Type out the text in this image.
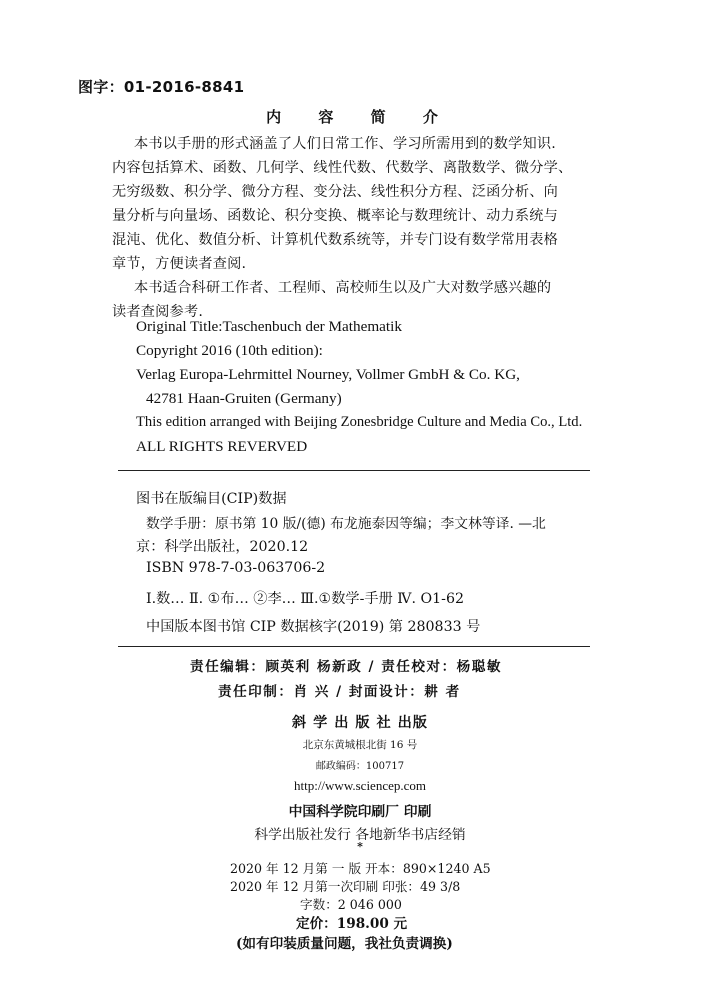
图字：01-2016-8841
内 容 简 介
本书以手册的形式涵盖了人们日常工作、学习所需用到的数学知识.
内容包括算术、函数、几何学、线性代数、代数学、离散数学、微分学、
无穷级数、积分学、微分方程、变分法、线性积分方程、泛函分析、向
量分析与向量场、函数论、积分变换、概率论与数理统计、动力系统与
混沌、优化、数值分析、计算机代数系统等，并专门设有数学常用表格
章节，方便读者查阅.
本书适合科研工作者、工程师、高校师生以及广大对数学感兴趣的
读者查阅参考.
Original Title:Taschenbuch der Mathematik
Copyright 2016 (10th edition):
Verlag Europa-Lehrmittel Nourney, Vollmer GmbH & Co. KG,
42781 Haan-Gruiten (Germany)
This edition arranged with Beijing Zonesbridge Culture and Media Co., Ltd.
ALL RIGHTS REVERVED
图书在版编目(CIP)数据
数学手册：原书第 10 版/(德) 布龙施泰因等编；李文林等译. —北
京：科学出版社，2020.12
ISBN 978-7-03-063706-2
Ⅰ.数… Ⅱ. ①布… ②李… Ⅲ.①数学-手册 Ⅳ. O1-62
中国版本图书馆 CIP 数据核字(2019) 第 280833 号
责任编辑：顾英利 杨新政 / 责任校对：杨聪敏
责任印制：肖 兴 / 封面设计：耕 者
斜 学 出 版 社 出版
北京东黄城根北街 16 号
邮政编码：100717
http://www.sciencep.com
中国科学院印刷厂 印刷
科学出版社发行 各地新华书店经销
*
2020 年 12 月第 一 版 开本：890×1240 A5
2020 年 12 月第一次印刷 印张：49 3/8
字数：2 046 000
定价：198.00 元
(如有印装质量问题，我社负责调换)
